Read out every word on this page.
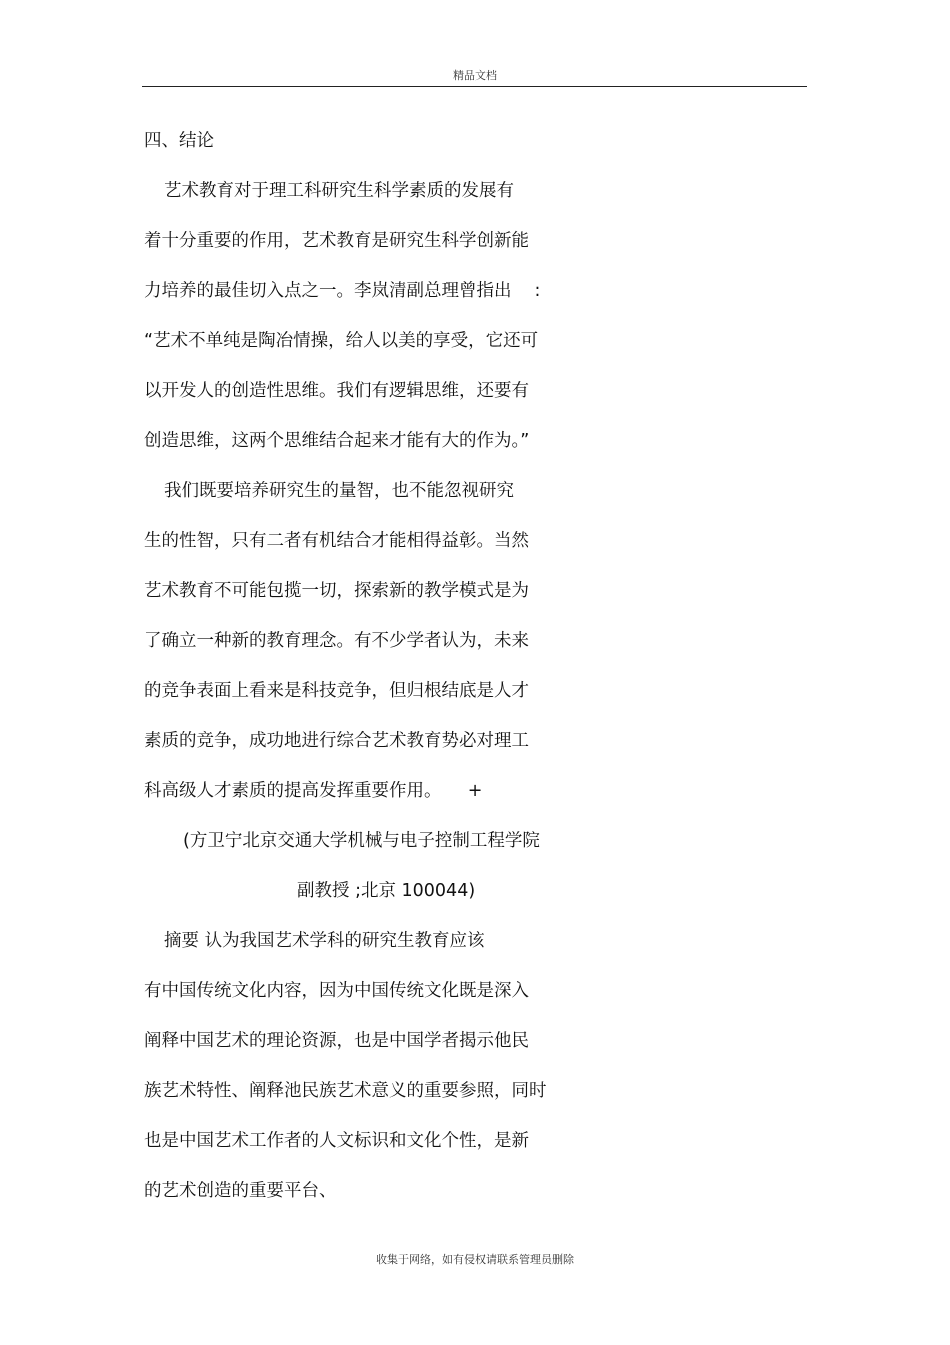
精品文档
四、结论
艺术教育对于理工科研究生科学素质的发展有
着十分重要的作用，艺术教育是研究生科学创新能
力培养的最佳切入点之一。李岚清副总理曾指出　 :
“艺术不单纯是陶冶情操，给人以美的享受，它还可
以开发人的创造性思维。我们有逻辑思维，还要有
创造思维，这两个思维结合起来才能有大的作为。”
我们既要培养研究生的量智，也不能忽视研究
生的性智，只有二者有机结合才能相得益彰。当然
艺术教育不可能包揽一切，探索新的教学模式是为
了确立一种新的教育理念。有不少学者认为，未来
的竞争表面上看来是科技竞争，但归根结底是人才
素质的竞争，成功地进行综合艺术教育势必对理工
科高级人才素质的提高发挥重要作用。　　+
(方卫宁北京交通大学机械与电子控制工程学院
副教授 ;北京 100044)
摘要 认为我国艺术学科的研究生教育应该
有中国传统文化内容，因为中国传统文化既是深入
阐释中国艺术的理论资源，也是中国学者揭示他民
族艺术特性、阐释池民族艺术意义的重要参照，同时
也是中国艺术工作者的人文标识和文化个性，是新
的艺术创造的重要平台、
收集于网络，如有侵权请联系管理员删除
